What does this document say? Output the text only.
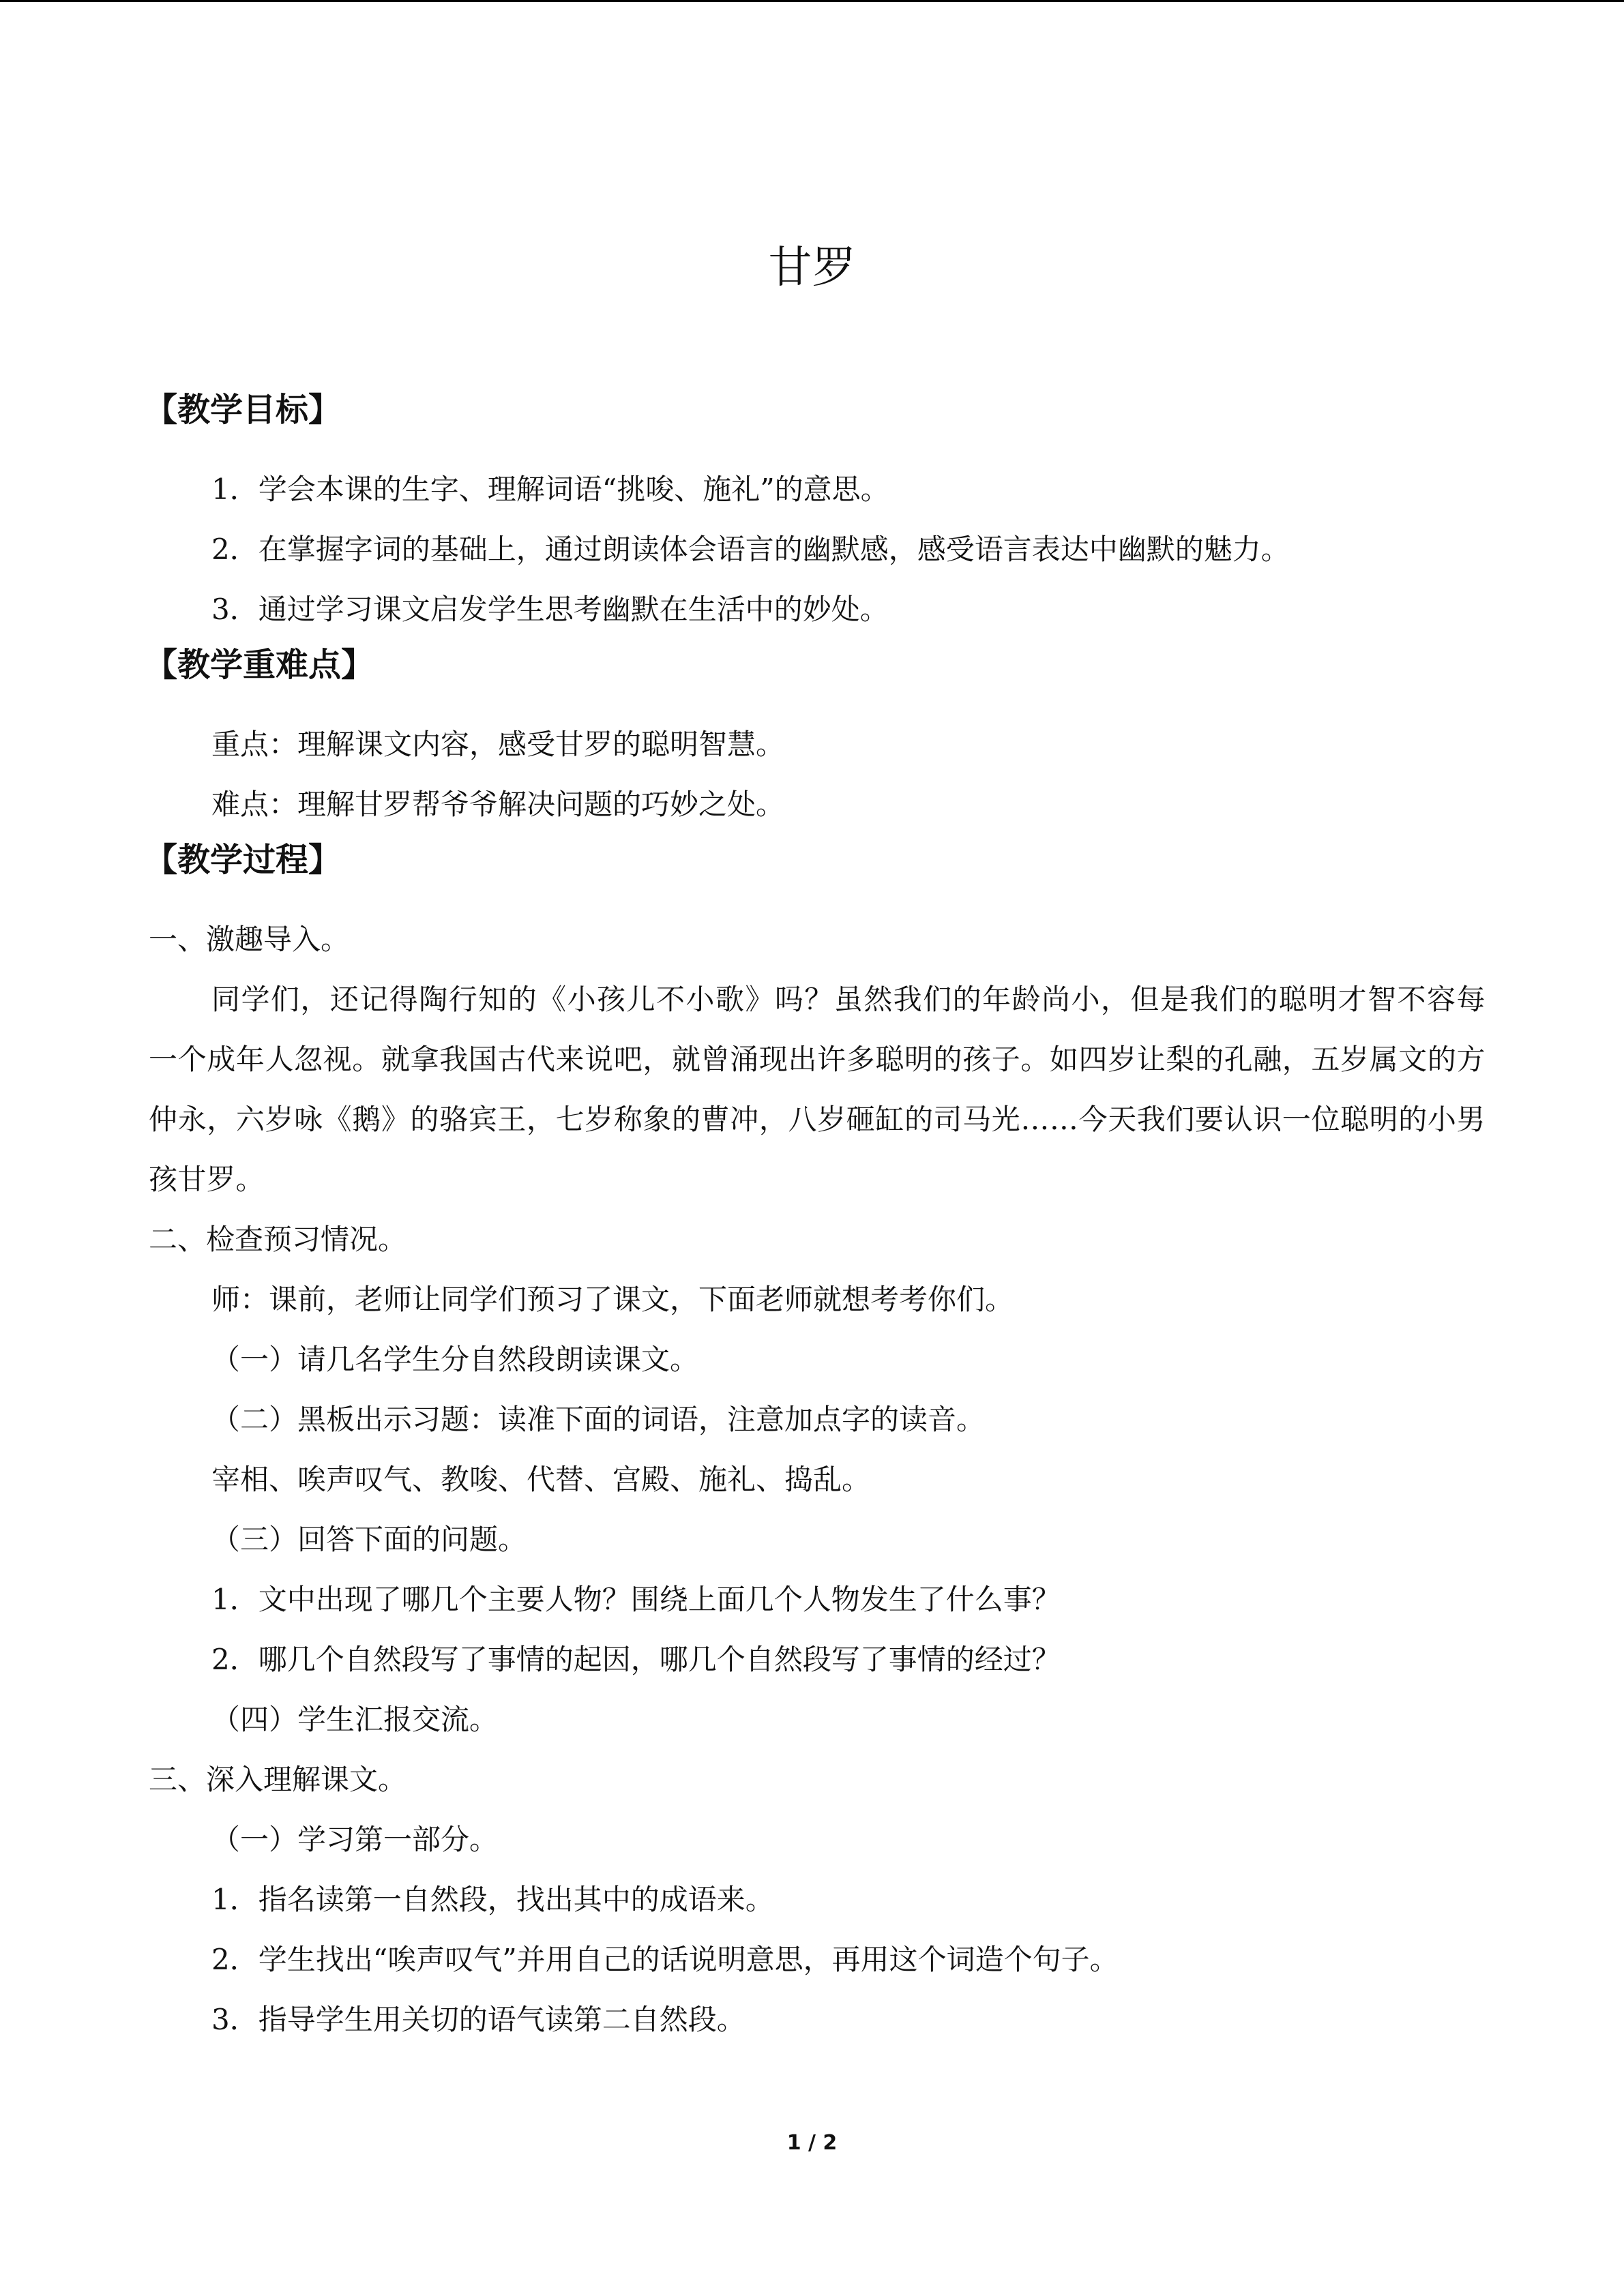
甘罗
【教学目标】

1．学会本课的生字、理解词语“挑唆、施礼”的意思。

2．在掌握字词的基础上，通过朗读体会语言的幽默感，感受语言表达中幽默的魅力。

3．通过学习课文启发学生思考幽默在生活中的妙处。

【教学重难点】

重点：理解课文内容，感受甘罗的聪明智慧。

难点：理解甘罗帮爷爷解决问题的巧妙之处。

【教学过程】

一、激趣导入。

同学们，还记得陶行知的《小孩儿不小歌》吗？虽然我们的年龄尚小，但是我们的聪明才智不容每一个成年人忽视。就拿我国古代来说吧，就曾涌现出许多聪明的孩子。如四岁让梨的孔融，五岁属文的方仲永，六岁咏《鹅》的骆宾王，七岁称象的曹冲，八岁砸缸的司马光……今天我们要认识一位聪明的小男孩甘罗。

二、检查预习情况。

师：课前，老师让同学们预习了课文，下面老师就想考考你们。

（一）请几名学生分自然段朗读课文。

（二）黑板出示习题：读准下面的词语，注意加点字的读音。

宰相、唉声叹气、教唆、代替、宫殿、施礼、捣乱。

（三）回答下面的问题。

1．文中出现了哪几个主要人物？围绕上面几个人物发生了什么事？

2．哪几个自然段写了事情的起因，哪几个自然段写了事情的经过？

（四）学生汇报交流。

三、深入理解课文。

（一）学习第一部分。

1．指名读第一自然段，找出其中的成语来。

2．学生找出“唉声叹气”并用自己的话说明意思，再用这个词造个句子。

3．指导学生用关切的语气读第二自然段。

1 / 2
